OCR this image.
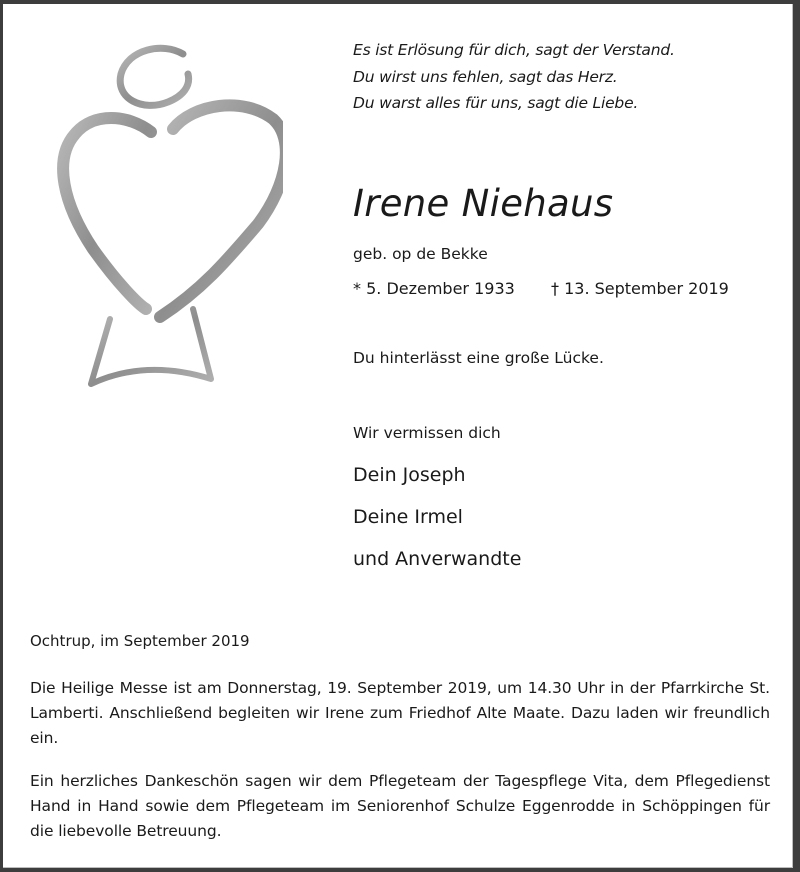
Es ist Erlösung für dich, sagt der Verstand.
Du wirst uns fehlen, sagt das Herz.
Du warst alles für uns, sagt die Liebe.
Irene Niehaus
geb. op de Bekke
* 5. Dezember 1933 † 13. September 2019
Du hinterlässt eine große Lücke.
Wir vermissen dich
Dein Joseph
Deine Irmel
und Anverwandte
Ochtrup, im September 2019
Die Heilige Messe ist am Donnerstag, 19. September 2019, um 14.30 Uhr in der Pfarrkirche St. Lamberti. Anschließend begleiten wir Irene zum Friedhof Alte Maate. Dazu laden wir freundlich ein.
Ein herzliches Dankeschön sagen wir dem Pflegeteam der Tagespflege Vita, dem Pflegedienst Hand in Hand sowie dem Pflegeteam im Seniorenhof Schulze Eggenrodde in Schöppingen für die liebevolle Betreuung.
